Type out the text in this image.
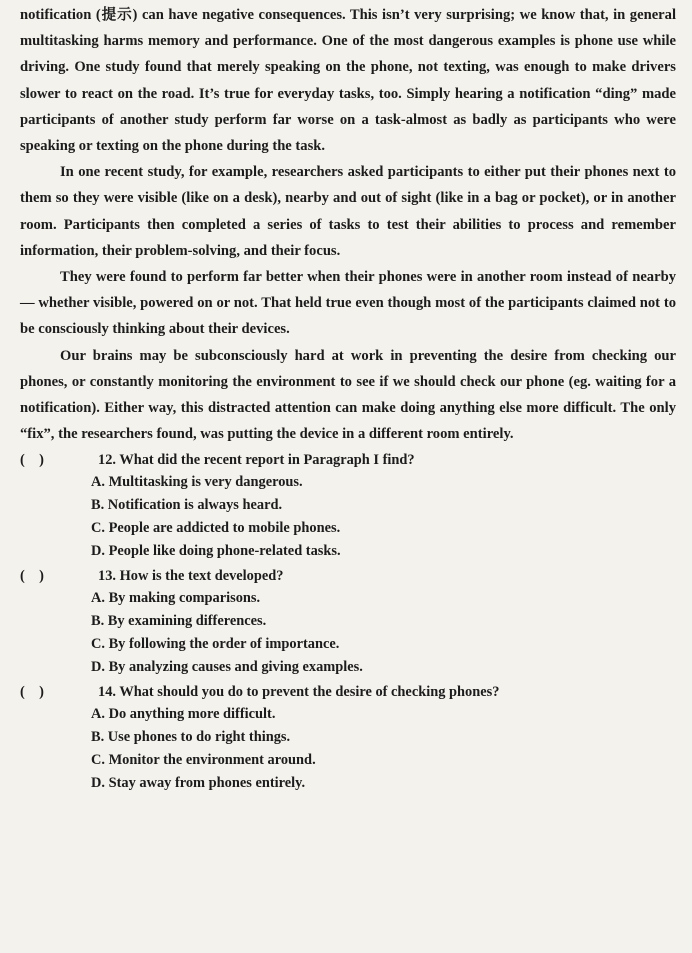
notification (提示) can have negative consequences. This isn’t very surprising; we know that, in general multitasking harms memory and performance. One of the most dangerous examples is phone use while driving. One study found that merely speaking on the phone, not texting, was enough to make drivers slower to react on the road. It’s true for everyday tasks, too. Simply hearing a notification “ding” made participants of another study perform far worse on a task-almost as badly as participants who were speaking or texting on the phone during the task.

In one recent study, for example, researchers asked participants to either put their phones next to them so they were visible (like on a desk), nearby and out of sight (like in a bag or pocket), or in another room. Participants then completed a series of tasks to test their abilities to process and remember information, their problem-solving, and their focus.

They were found to perform far better when their phones were in another room instead of nearby — whether visible, powered on or not. That held true even though most of the participants claimed not to be consciously thinking about their devices.

Our brains may be subconsciously hard at work in preventing the desire from checking our phones, or constantly monitoring the environment to see if we should check our phone (eg. waiting for a notification). Either way, this distracted attention can make doing anything else more difficult. The only “fix”, the researchers found, was putting the device in a different room entirely.

(    )	12. What did the recent report in Paragraph I find?
A. Multitasking is very dangerous.
B. Notification is always heard.
C. People are addicted to mobile phones.
D. People like doing phone-related tasks.
(    )	13. How is the text developed?
A. By making comparisons.
B. By examining differences.
C. By following the order of importance.
D. By analyzing causes and giving examples.
(    )	14. What should you do to prevent the desire of checking phones?
A. Do anything more difficult.
B. Use phones to do right things.
C. Monitor the environment around.
D. Stay away from phones entirely.
